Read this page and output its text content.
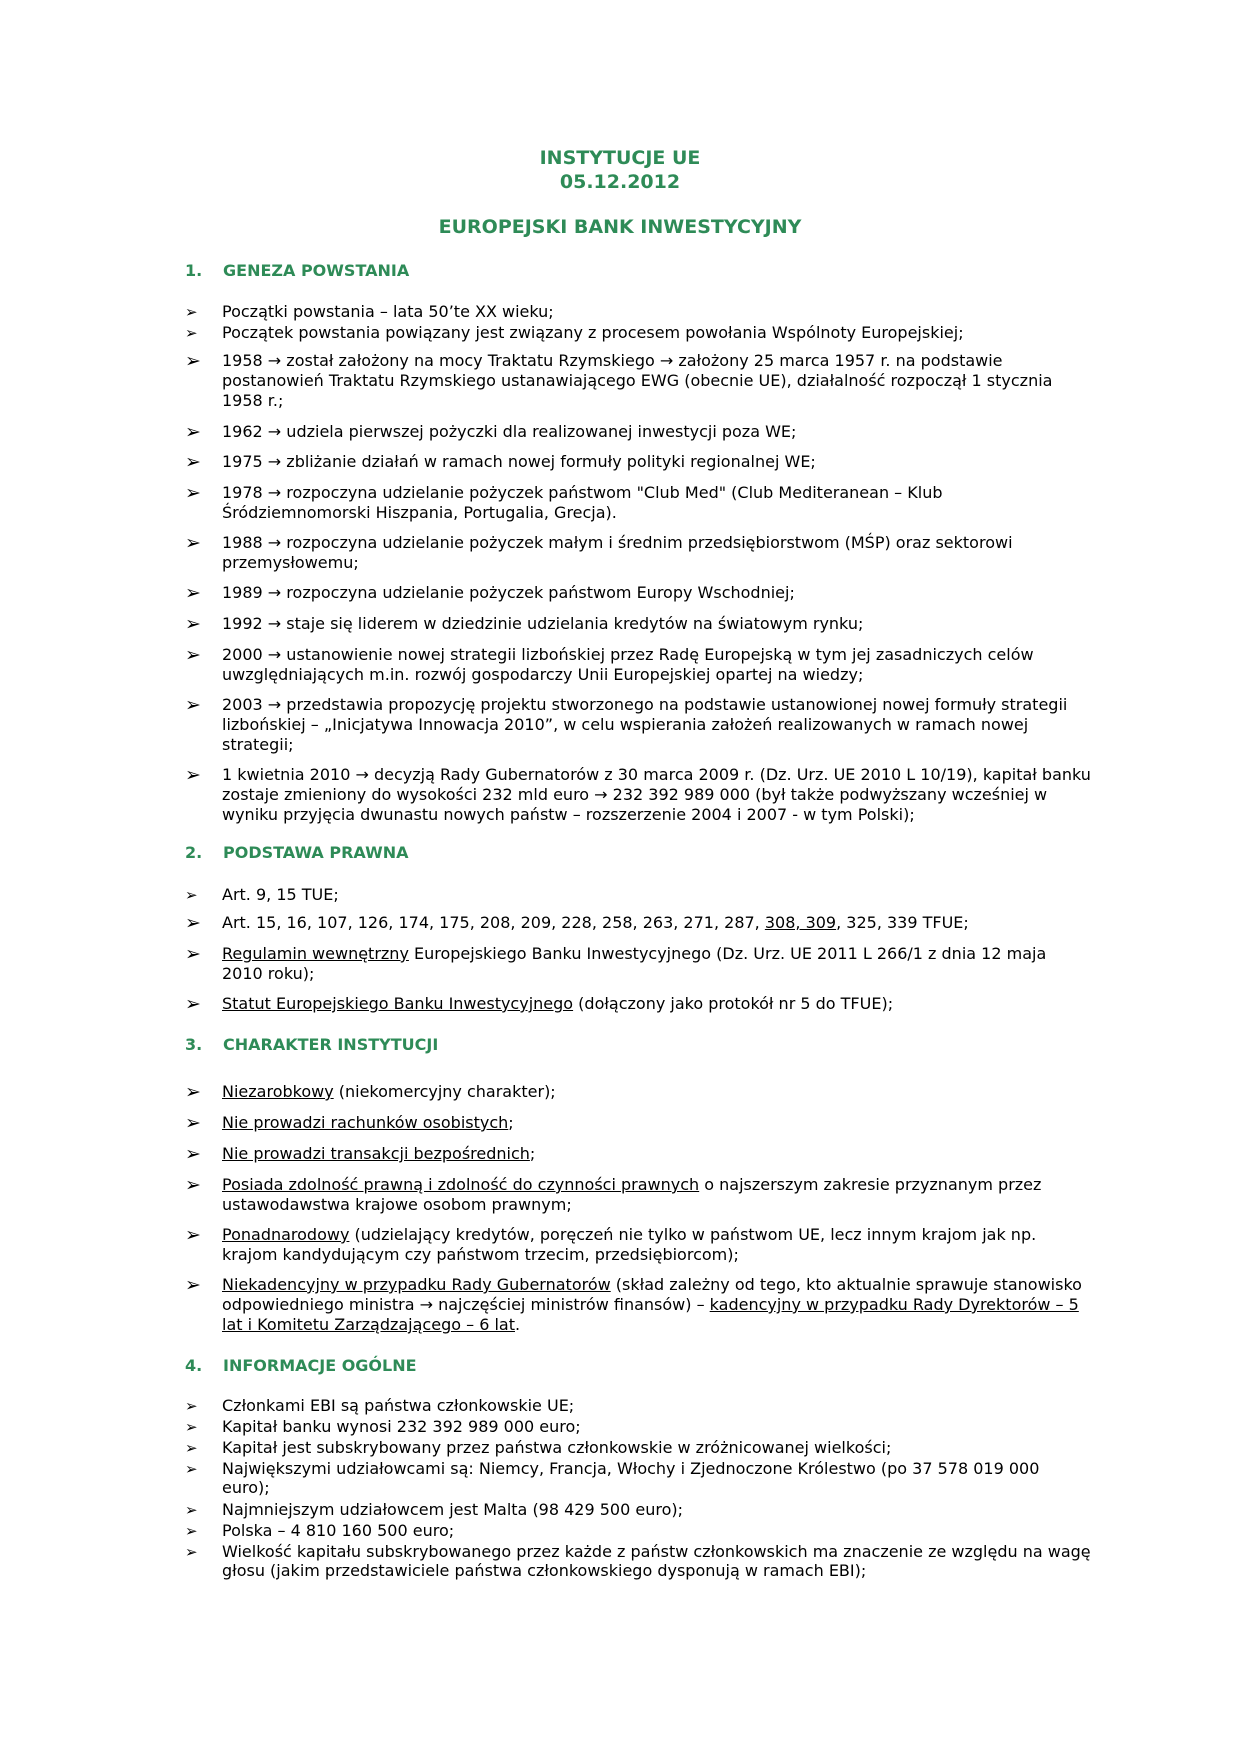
INSTYTUCJE UE
05.12.2012
EUROPEJSKI BANK INWESTYCYJNY
1. GENEZA POWSTANIA
➢ Początki powstania – lata 50’te XX wieku;
➢ Początek powstania powiązany jest związany z procesem powołania Wspólnoty Europejskiej;
➢ 1958 → został założony na mocy Traktatu Rzymskiego → założony 25 marca 1957 r. na podstawie postanowień Traktatu Rzymskiego ustanawiającego EWG (obecnie UE), działalność rozpoczął 1 stycznia 1958 r.;
➢ 1962 → udziela pierwszej pożyczki dla realizowanej inwestycji poza WE;
➢ 1975 → zbliżanie działań w ramach nowej formuły polityki regionalnej WE;
➢ 1978 → rozpoczyna udzielanie pożyczek państwom "Club Med" (Club Mediteranean – Klub Śródziemnomorski Hiszpania, Portugalia, Grecja).
➢ 1988 → rozpoczyna udzielanie pożyczek małym i średnim przedsiębiorstwom (MŚP) oraz sektorowi przemysłowemu;
➢ 1989 → rozpoczyna udzielanie pożyczek państwom Europy Wschodniej;
➢ 1992 → staje się liderem w dziedzinie udzielania kredytów na światowym rynku;
➢ 2000 → ustanowienie nowej strategii lizbońskiej przez Radę Europejską w tym jej zasadniczych celów uwzględniających m.in. rozwój gospodarczy Unii Europejskiej opartej na wiedzy;
➢ 2003 → przedstawia propozycję projektu stworzonego na podstawie ustanowionej nowej formuły strategii lizbońskiej – „Inicjatywa Innowacja 2010”, w celu wspierania założeń realizowanych w ramach nowej strategii;
➢ 1 kwietnia 2010 → decyzją Rady Gubernatorów z 30 marca 2009 r. (Dz. Urz. UE 2010 L 10/19), kapitał banku zostaje zmieniony do wysokości 232 mld euro → 232 392 989 000 (był także podwyższany wcześniej w wyniku przyjęcia dwunastu nowych państw – rozszerzenie 2004 i 2007 - w tym Polski);
2. PODSTAWA PRAWNA
➢ Art. 9, 15 TUE;
➢ Art. 15, 16, 107, 126, 174, 175, 208, 209, 228, 258, 263, 271, 287, 308, 309, 325, 339 TFUE;
➢ Regulamin wewnętrzny Europejskiego Banku Inwestycyjnego (Dz. Urz. UE 2011 L 266/1 z dnia 12 maja 2010 roku);
➢ Statut Europejskiego Banku Inwestycyjnego (dołączony jako protokół nr 5 do TFUE);
3. CHARAKTER INSTYTUCJI
➢ Niezarobkowy (niekomercyjny charakter);
➢ Nie prowadzi rachunków osobistych;
➢ Nie prowadzi transakcji bezpośrednich;
➢ Posiada zdolność prawną i zdolność do czynności prawnych o najszerszym zakresie przyznanym przez ustawodawstwa krajowe osobom prawnym;
➢ Ponadnarodowy (udzielający kredytów, poręczeń nie tylko w państwom UE, lecz innym krajom jak np. krajom kandydującym czy państwom trzecim, przedsiębiorcom);
➢ Niekadencyjny w przypadku Rady Gubernatorów (skład zależny od tego, kto aktualnie sprawuje stanowisko odpowiedniego ministra → najczęściej ministrów finansów) – kadencyjny w przypadku Rady Dyrektorów – 5 lat i Komitetu Zarządzającego – 6 lat.
4. INFORMACJE OGÓLNE
➢ Członkami EBI są państwa członkowskie UE;
➢ Kapitał banku wynosi 232 392 989 000 euro;
➢ Kapitał jest subskrybowany przez państwa członkowskie w zróżnicowanej wielkości;
➢ Największymi udziałowcami są: Niemcy, Francja, Włochy i Zjednoczone Królestwo (po 37 578 019 000 euro);
➢ Najmniejszym udziałowcem jest Malta (98 429 500 euro);
➢ Polska – 4 810 160 500 euro;
➢ Wielkość kapitału subskrybowanego przez każde z państw członkowskich ma znaczenie ze względu na wagę głosu (jakim przedstawiciele państwa członkowskiego dysponują w ramach EBI);
